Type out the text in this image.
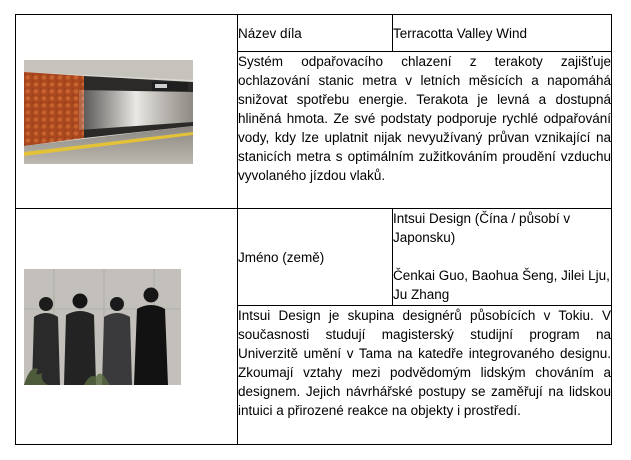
	Název díla	Terracotta Valley Wind
	Systém odpařovacího chlazení z terakoty zajišťuje ochlazování stanic metra v letních měsících a napomáhá snižovat spotřebu energie. Terakota je levná a dostupná hliněná hmota. Ze své podstaty podporuje rychlé odpařování vody, kdy lze uplatnit nijak nevyužívaný průvan vznikající na stanicích metra s optimálním zužitkováním proudění vzduchu vyvolaného jízdou vlaků.	

	Jméno (země)	Intsui Design (Čína / působí v Japonsku)
Čenkai Guo, Baohua Šeng, Jilei Lju, Ju Zhang

	Intsui Design je skupina designérů působících v Tokiu. V současnosti studují magisterský studijní program na Univerzitě umění v Tama na katedře integrovaného designu. Zkoumají vztahy mezi podvědomým lidským chováním a designem. Jejich návrhářské postupy se zaměřují na lidskou intuici a přirozené reakce na objekty i prostředí.	
